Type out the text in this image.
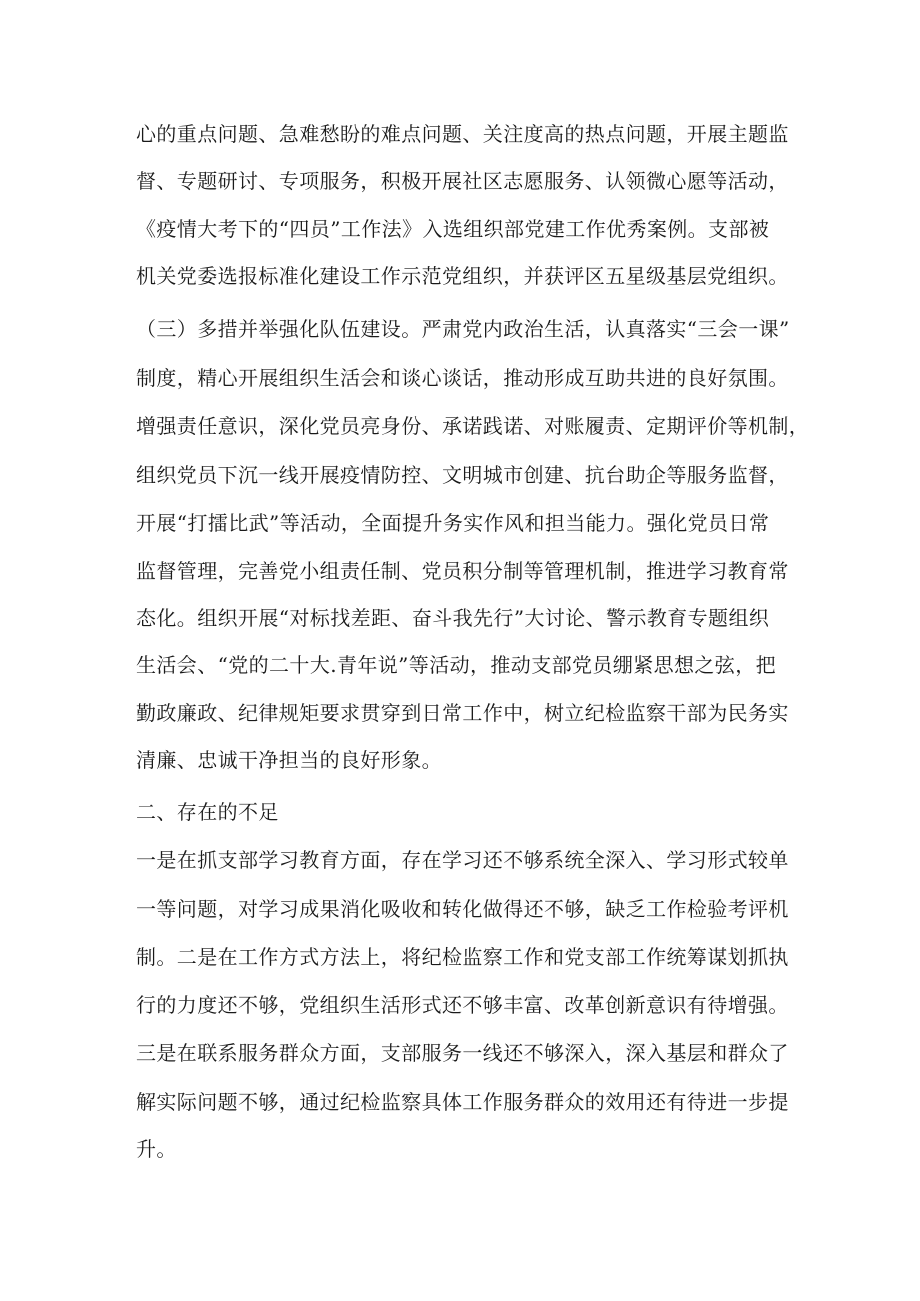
心的重点问题、急难愁盼的难点问题、关注度高的热点问题，开展主题监
督、专题研讨、专项服务，积极开展社区志愿服务、认领微心愿等活动，
《疫情大考下的“四员”工作法》入选组织部党建工作优秀案例。支部被
机关党委选报标准化建设工作示范党组织，并获评区五星级基层党组织。
（三）多措并举强化队伍建设。严肃党内政治生活，认真落实“三会一课”
制度，精心开展组织生活会和谈心谈话，推动形成互助共进的良好氛围。
增强责任意识，深化党员亮身份、承诺践诺、对账履责、定期评价等机制，
组织党员下沉一线开展疫情防控、文明城市创建、抗台助企等服务监督，
开展“打擂比武”等活动，全面提升务实作风和担当能力。强化党员日常
监督管理，完善党小组责任制、党员积分制等管理机制，推进学习教育常
态化。组织开展“对标找差距、奋斗我先行”大讨论、警示教育专题组织
生活会、“党的二十大.青年说”等活动，推动支部党员绷紧思想之弦，把
勤政廉政、纪律规矩要求贯穿到日常工作中，树立纪检监察干部为民务实
清廉、忠诚干净担当的良好形象。
二、存在的不足
一是在抓支部学习教育方面，存在学习还不够系统全深入、学习形式较单
一等问题，对学习成果消化吸收和转化做得还不够，缺乏工作检验考评机
制。二是在工作方式方法上，将纪检监察工作和党支部工作统筹谋划抓执
行的力度还不够，党组织生活形式还不够丰富、改革创新意识有待增强。
三是在联系服务群众方面，支部服务一线还不够深入，深入基层和群众了
解实际问题不够，通过纪检监察具体工作服务群众的效用还有待进一步提
升。
